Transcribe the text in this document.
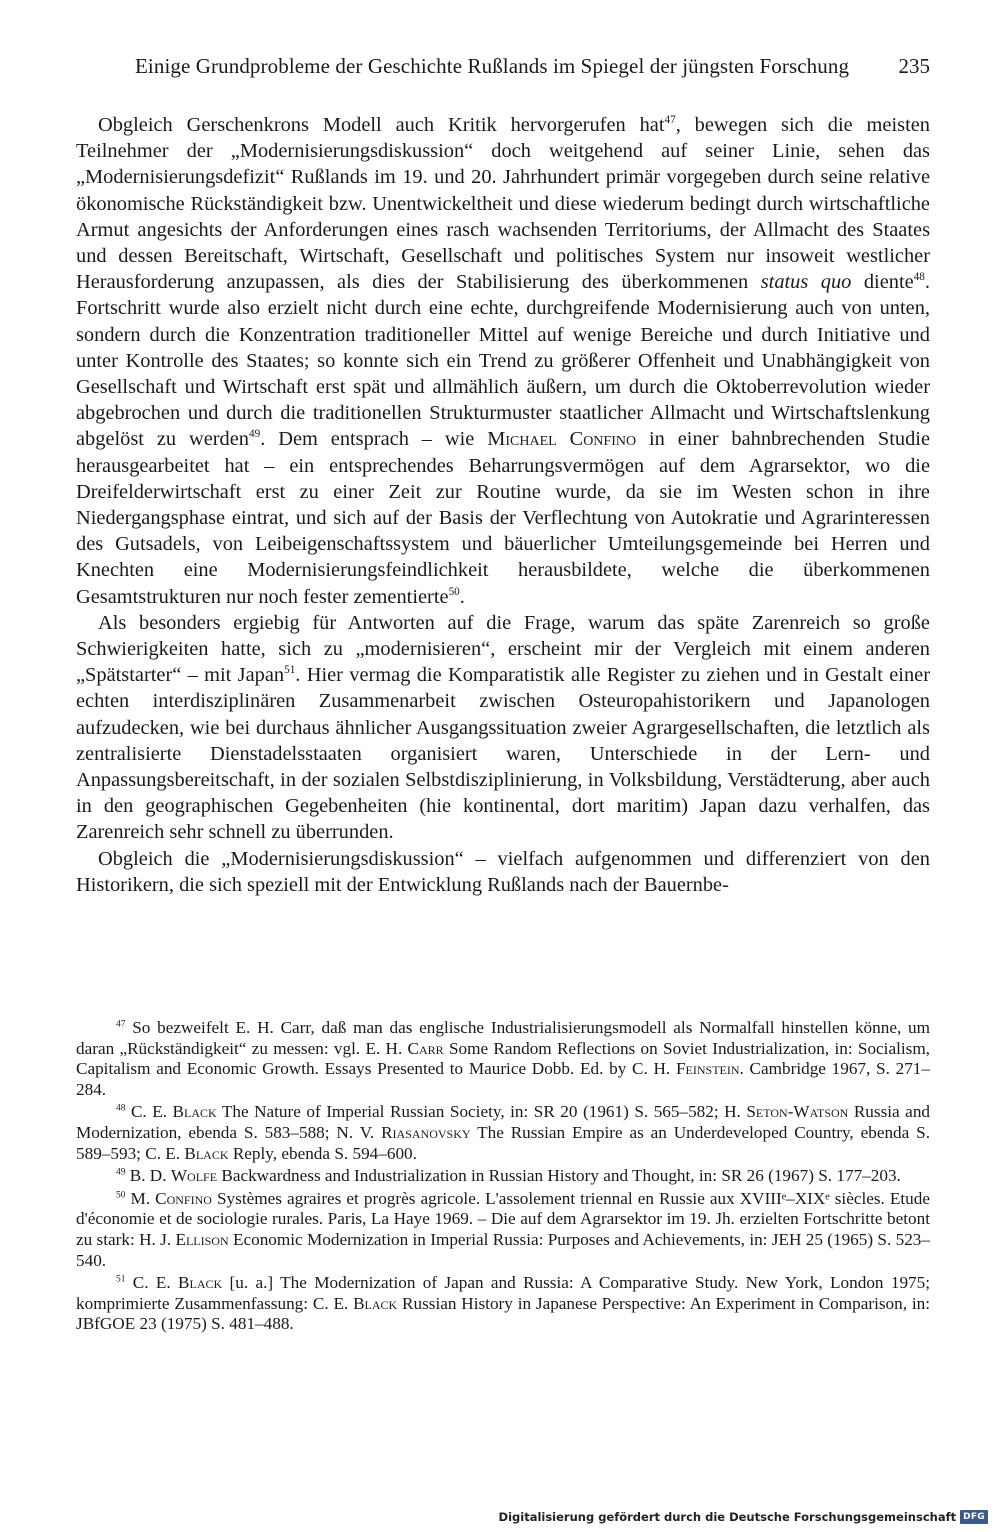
Einige Grundprobleme der Geschichte Rußlands im Spiegel der jüngsten Forschung 235

Obgleich Gerschenkrons Modell auch Kritik hervorgerufen hat$^{47}$, bewegen sich die meisten Teilnehmer der „Modernisierungsdiskussion“ doch weitgehend auf seiner Linie, sehen das „Modernisierungsdefizit“ Rußlands im 19. und 20. Jahrhundert primär vorgegeben durch seine relative ökonomische Rückständigkeit bzw. Unentwickeltheit und diese wiederum bedingt durch wirtschaftliche Armut angesichts der Anforderungen eines rasch wachsenden Territoriums, der Allmacht des Staates und dessen Bereitschaft, Wirtschaft, Gesellschaft und politisches System nur insoweit westlicher Herausforderung anzupassen, als dies der Stabilisierung des überkommenen status quo diente$^{48}$. Fortschritt wurde also erzielt nicht durch eine echte, durchgreifende Modernisierung auch von unten, sondern durch die Konzentration traditioneller Mittel auf wenige Bereiche und durch Initiative und unter Kontrolle des Staates; so konnte sich ein Trend zu größerer Offenheit und Unabhängigkeit von Gesellschaft und Wirtschaft erst spät und allmählich äußern, um durch die Oktoberrevolution wieder abgebrochen und durch die traditionellen Strukturmuster staatlicher Allmacht und Wirtschaftslenkung abgelöst zu werden$^{49}$. Dem entsprach – wie Michael Confino in einer bahnbrechenden Studie herausgearbeitet hat – ein entsprechendes Beharrungsvermögen auf dem Agrarsektor, wo die Dreifelderwirtschaft erst zu einer Zeit zur Routine wurde, da sie im Westen schon in ihre Niedergangsphase eintrat, und sich auf der Basis der Verflechtung von Autokratie und Agrarinteressen des Gutsadels, von Leibeigenschaftssystem und bäuerlicher Umteilungsgemeinde bei Herren und Knechten eine Modernisierungsfeindlichkeit herausbildete, welche die überkommenen Gesamtstrukturen nur noch fester zementierte$^{50}$.

Als besonders ergiebig für Antworten auf die Frage, warum das späte Zarenreich so große Schwierigkeiten hatte, sich zu „modernisieren“, erscheint mir der Vergleich mit einem anderen „Spätstarter“ – mit Japan$^{51}$. Hier vermag die Komparatistik alle Register zu ziehen und in Gestalt einer echten interdisziplinären Zusammenarbeit zwischen Osteuropahistorikern und Japanologen aufzudecken, wie bei durchaus ähnlicher Ausgangssituation zweier Agrargesellschaften, die letztlich als zentralisierte Dienstadelsstaaten organisiert waren, Unterschiede in der Lern- und Anpassungsbereitschaft, in der sozialen Selbstdisziplinierung, in Volksbildung, Verstädterung, aber auch in den geographischen Gegebenheiten (hie kontinental, dort maritim) Japan dazu verhalfen, das Zarenreich sehr schnell zu überrunden.

Obgleich die „Modernisierungsdiskussion“ – vielfach aufgenommen und differenziert von den Historikern, die sich speziell mit der Entwicklung Rußlands nach der Bauernbe-

$^{47}$ So bezweifelt E. H. Carr, daß man das englische Industrialisierungsmodell als Normalfall hinstellen könne, um daran „Rückständigkeit“ zu messen: vgl. E. H. Carr Some Random Reflections on Soviet Industrialization, in: Socialism, Capitalism and Economic Growth. Essays Presented to Maurice Dobb. Ed. by C. H. Feinstein. Cambridge 1967, S. 271–284.

$^{48}$ C. E. Black The Nature of Imperial Russian Society, in: SR 20 (1961) S. 565–582; H. Seton-Watson Russia and Modernization, ebenda S. 583–588; N. V. Riasanovsky The Russian Empire as an Underdeveloped Country, ebenda S. 589–593; C. E. Black Reply, ebenda S. 594–600.

$^{49}$ B. D. Wolfe Backwardness and Industrialization in Russian History and Thought, in: SR 26 (1967) S. 177–203.

$^{50}$ M. Confino Systèmes agraires et progrès agricole. L'assolement triennal en Russie aux XVIIIᵉ–XIXᵉ siècles. Etude d'économie et de sociologie rurales. Paris, La Haye 1969. – Die auf dem Agrarsektor im 19. Jh. erzielten Fortschritte betont zu stark: H. J. Ellison Economic Modernization in Imperial Russia: Purposes and Achievements, in: JEH 25 (1965) S. 523–540.

$^{51}$ C. E. Black [u. a.] The Modernization of Japan and Russia: A Comparative Study. New York, London 1975; komprimierte Zusammenfassung: C. E. Black Russian History in Japanese Perspective: An Experiment in Comparison, in: JBfGOE 23 (1975) S. 481–488.

Digitalisierung gefördert durch die Deutsche Forschungsgemeinschaft DFG
